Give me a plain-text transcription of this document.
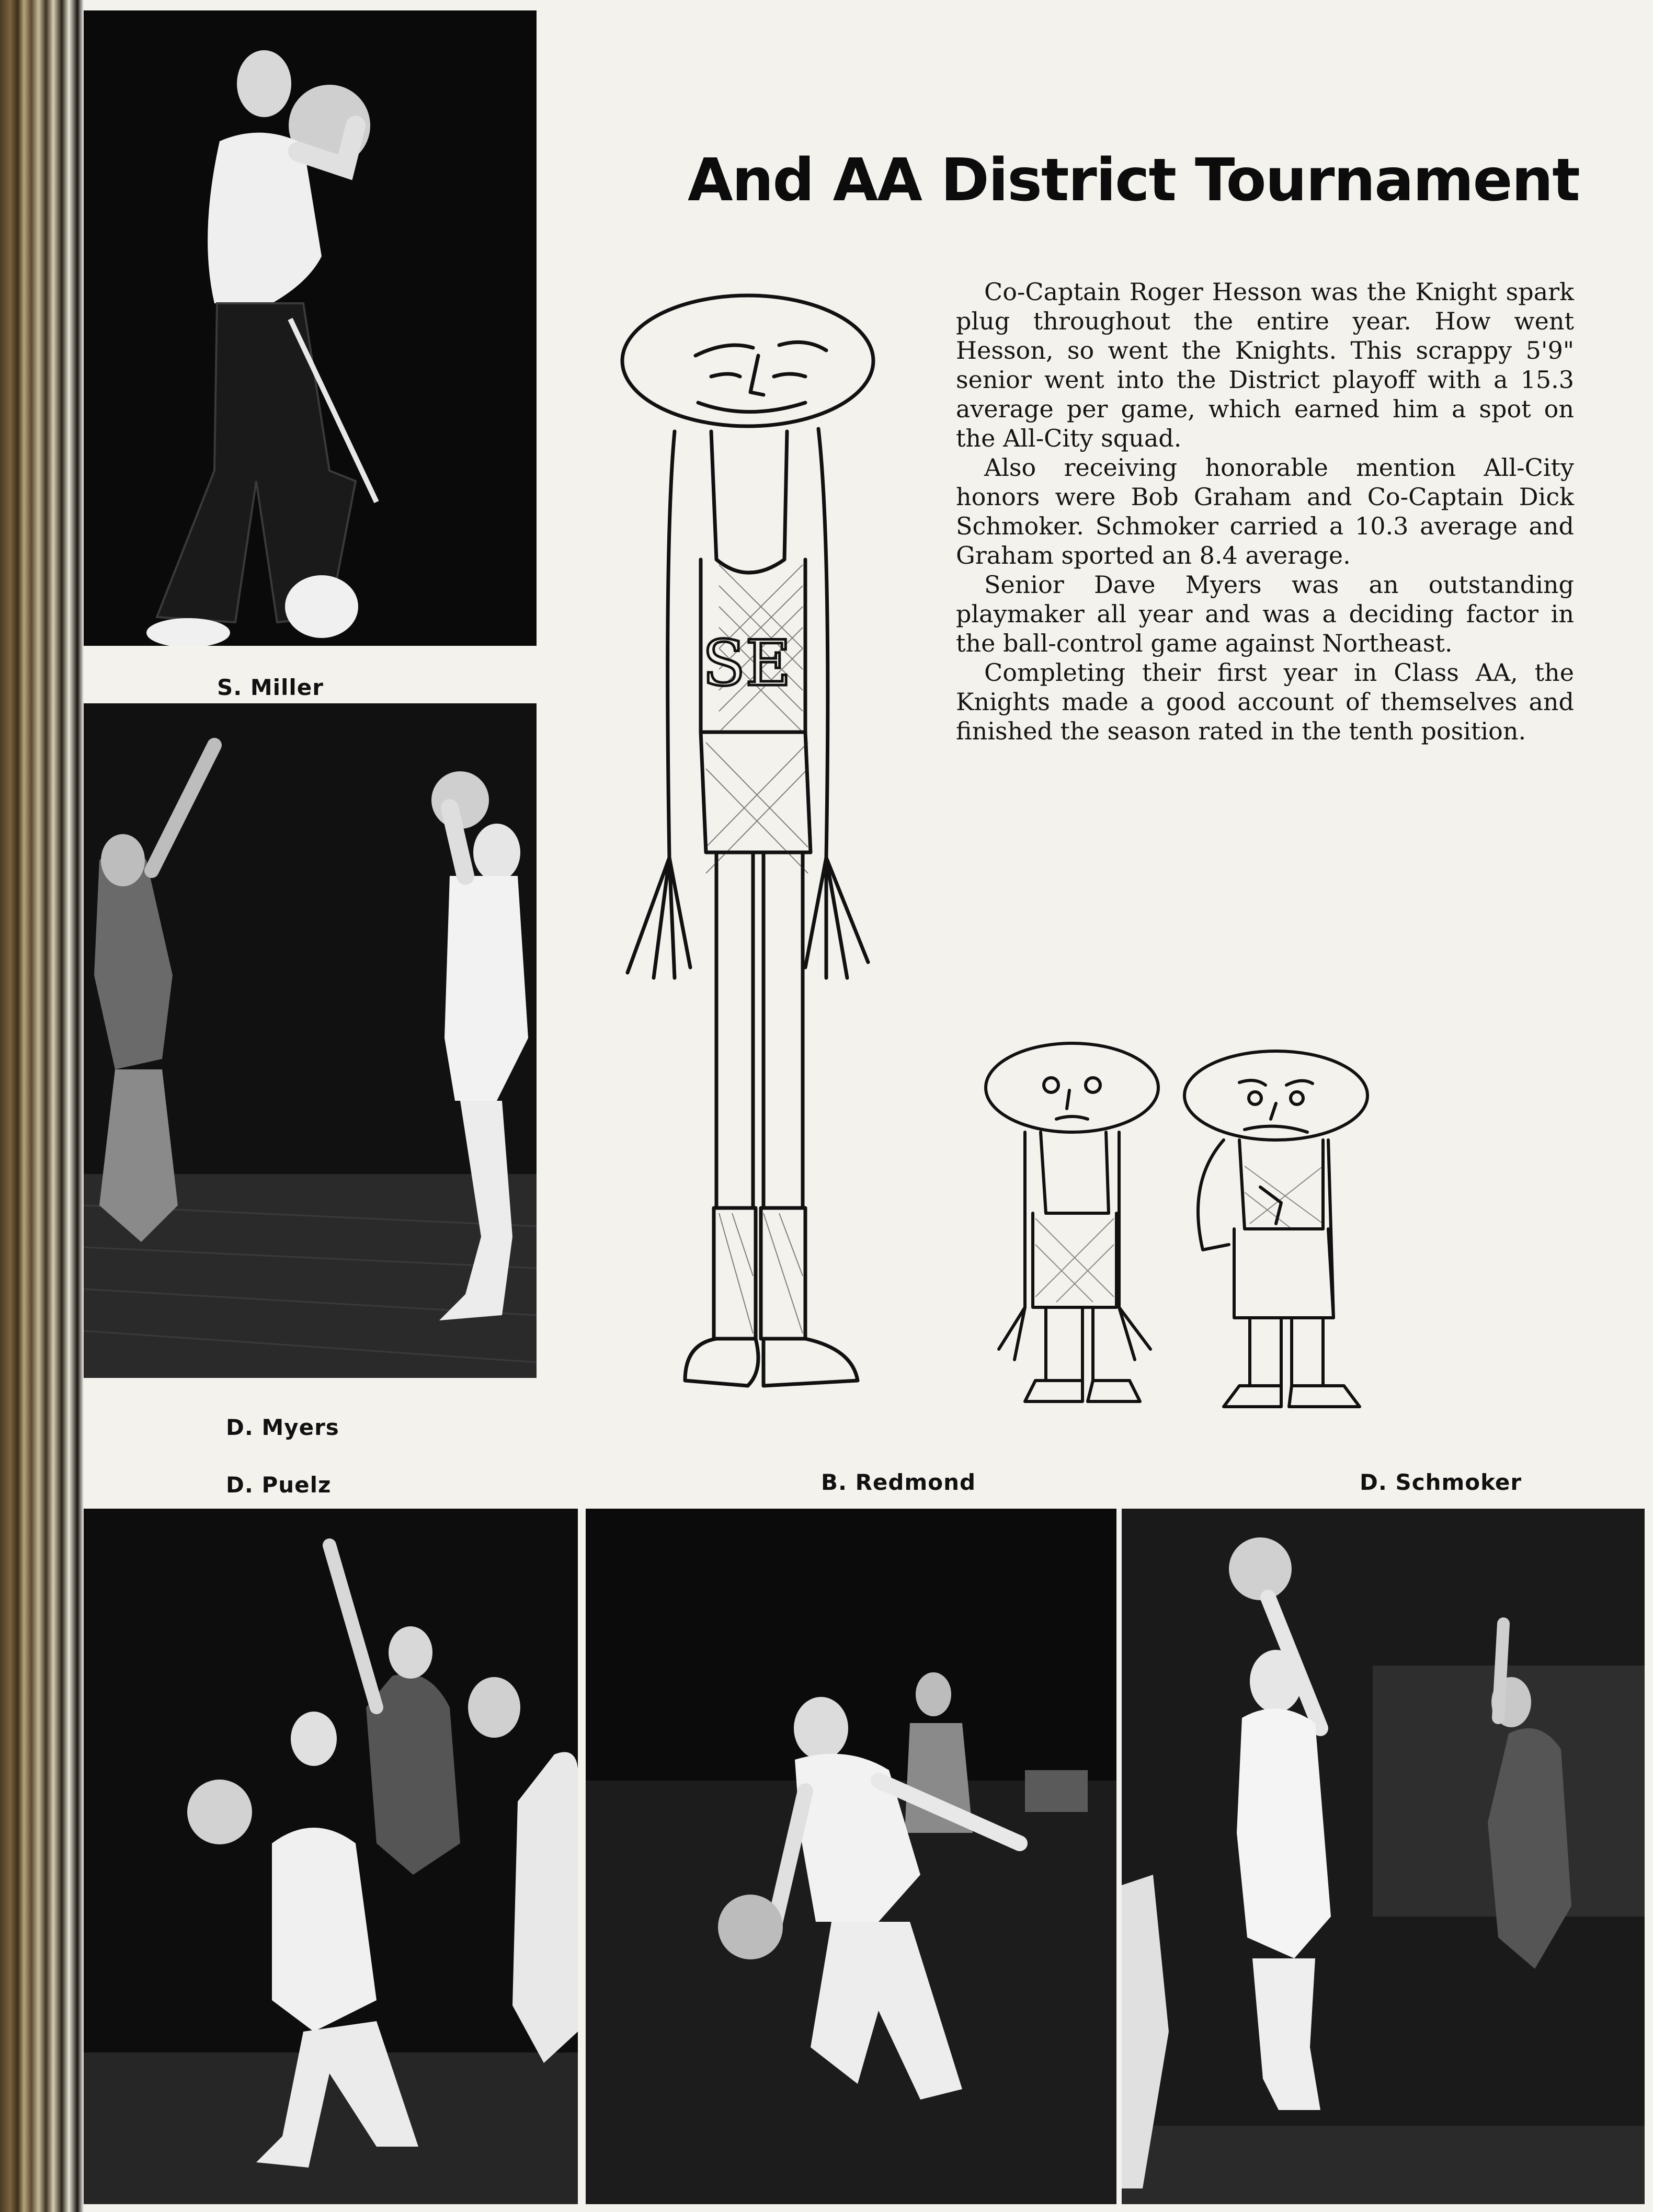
S. Miller
D. Myers
D. Puelz	B. Redmond	D. Schmoker
And AA District Tournament

Co-Captain Roger Hesson was the Knight spark plug throughout the entire year. How went Hesson, so went the Knights. This scrappy 5'9" senior went into the District playoff with a 15.3 average per game, which earned him a spot on the All-City squad.

Also receiving honorable mention All-City honors were Bob Graham and Co-Captain Dick Schmoker. Schmoker carried a 10.3 average and Graham sported an 8.4 average.

Senior Dave Myers was an outstanding playmaker all year and was a deciding factor in the ball-control game against Northeast.

Completing their first year in Class AA, the Knights made a good account of themselves and finished the season rated in the tenth position.

SE
